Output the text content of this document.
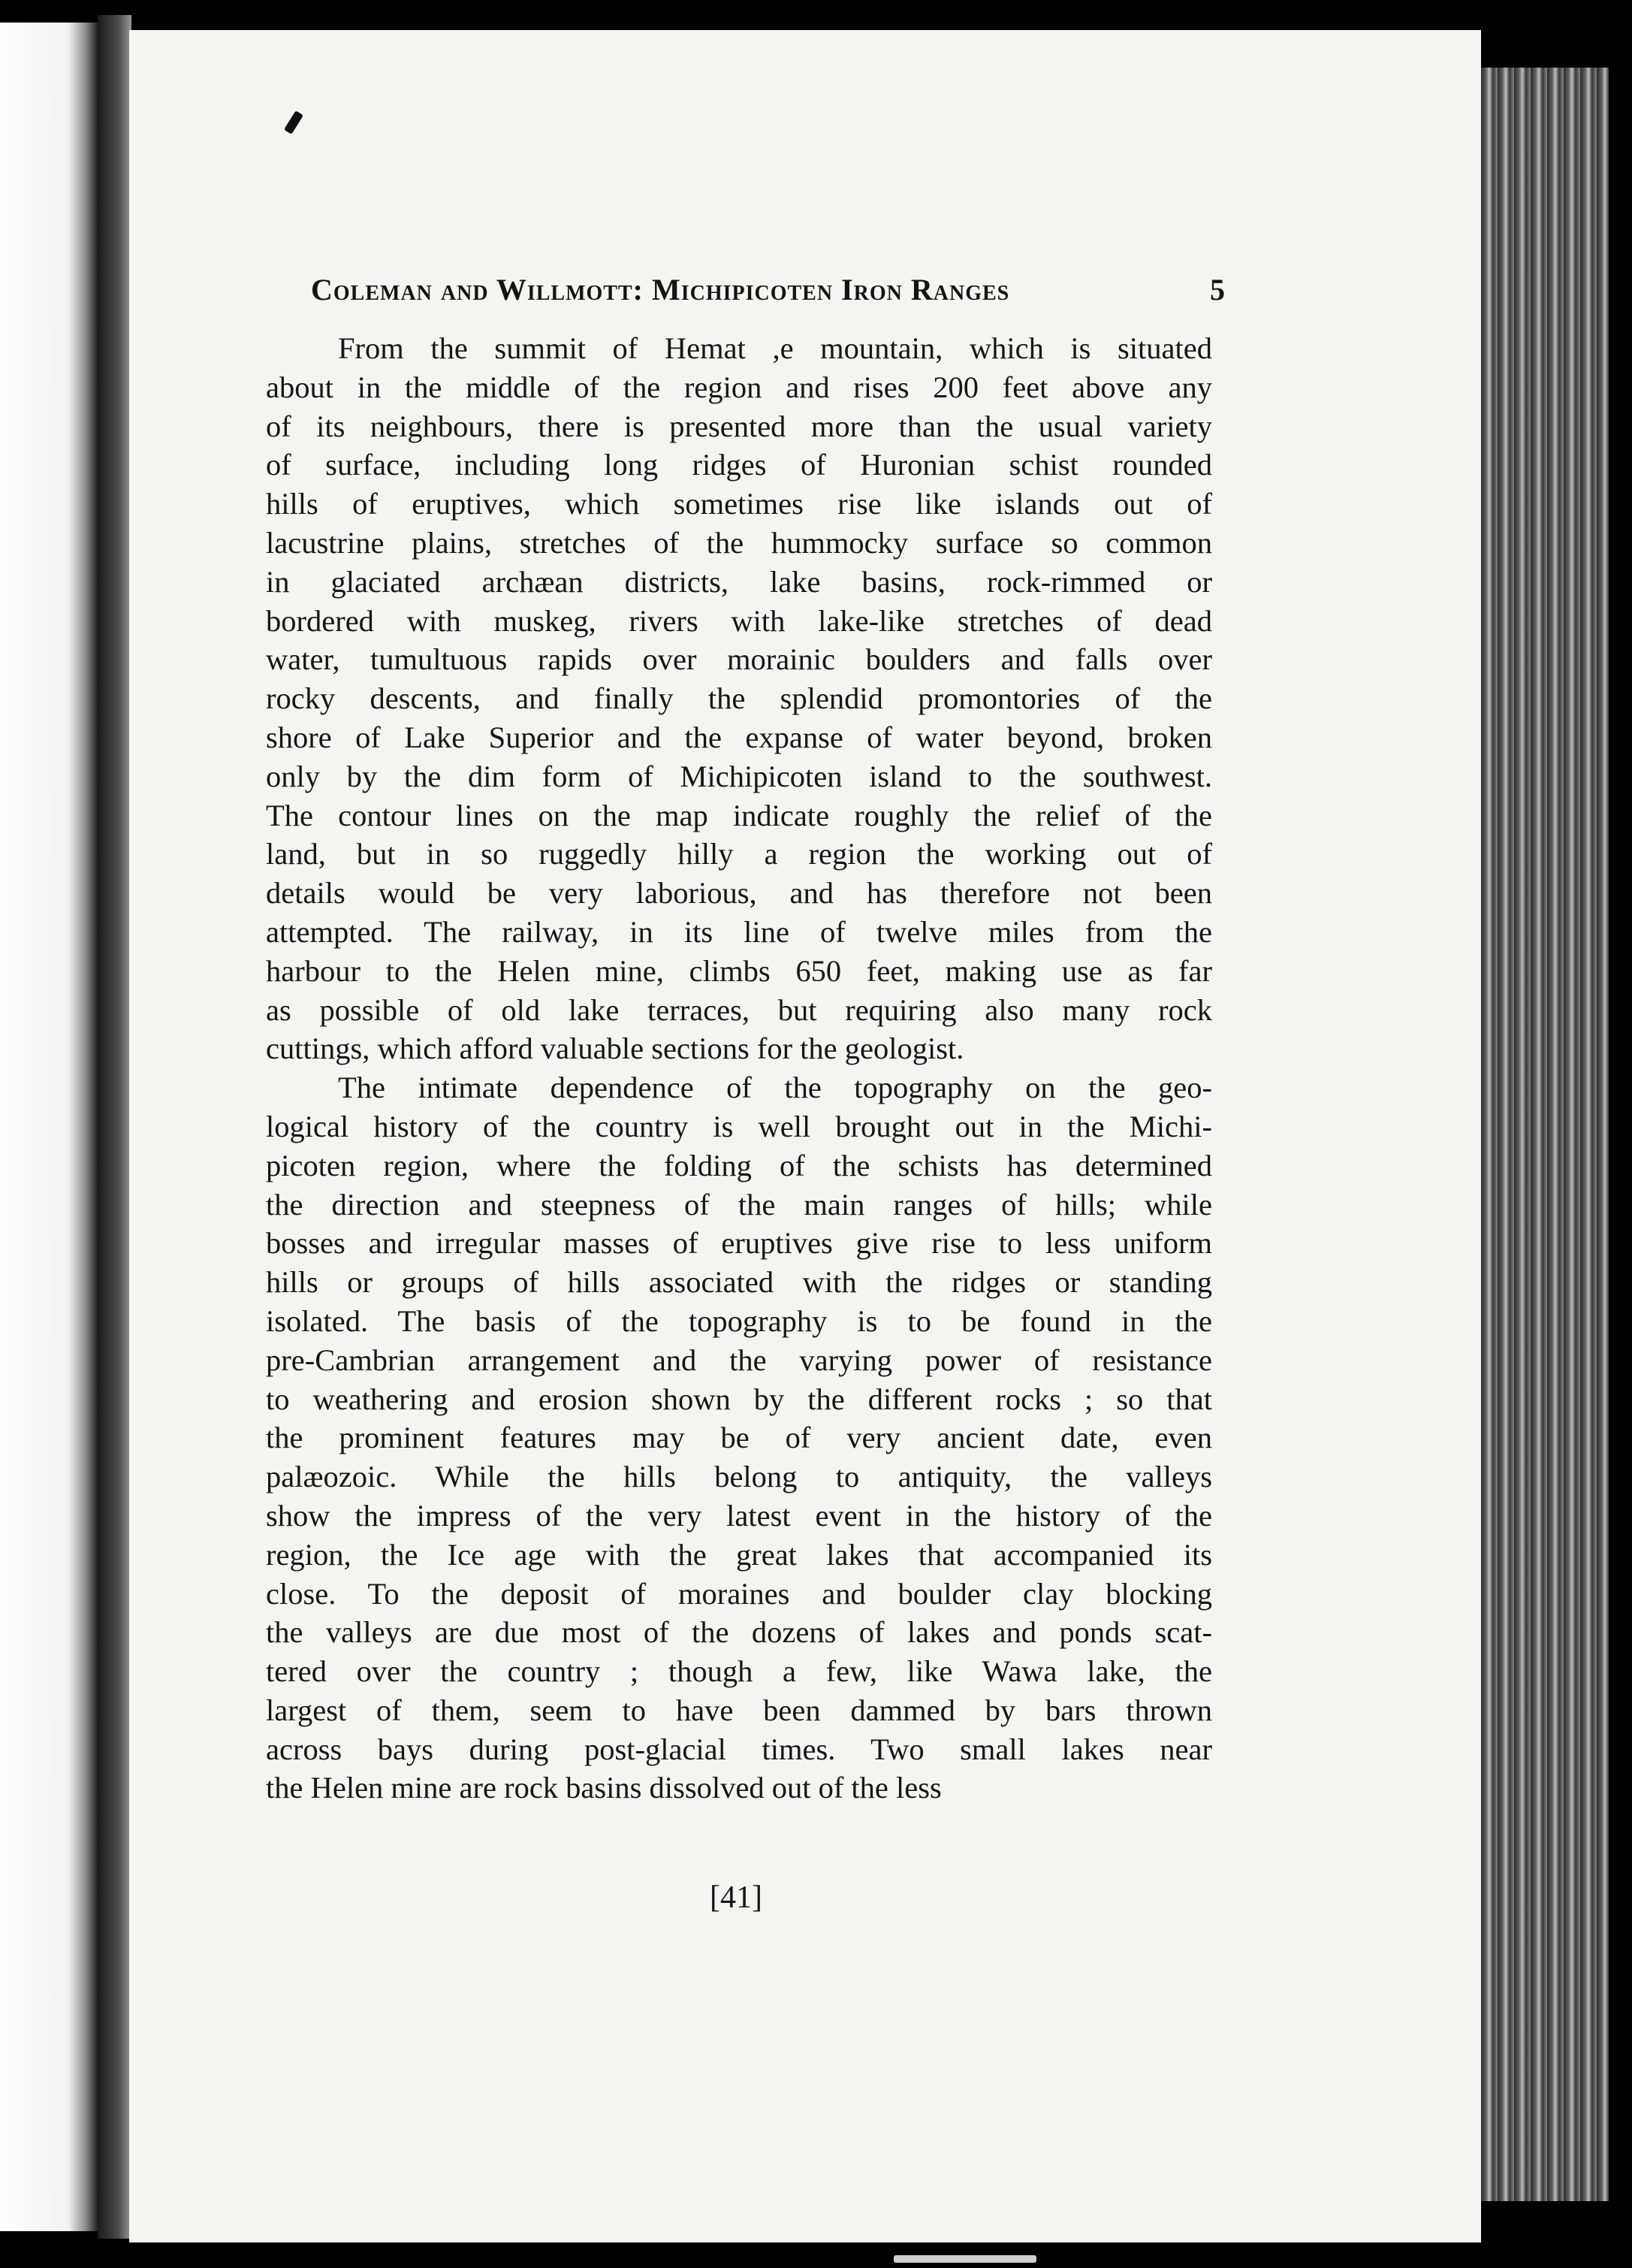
Coleman and Willmott: Michipicoten Iron Ranges	5
From the summit of Hemat ,e mountain, which is situated
about in the middle of the region and rises 200 feet above any
of its neighbours, there is presented more than the usual variety
of surface, including long ridges of Huronian schist rounded
hills of eruptives, which sometimes rise like islands out of
lacustrine plains, stretches of the hummocky surface so common
in glaciated archæan districts, lake basins, rock-rimmed or
bordered with muskeg, rivers with lake-like stretches of dead
water, tumultuous rapids over morainic boulders and falls over
rocky descents, and finally the splendid promontories of the
shore of Lake Superior and the expanse of water beyond, broken
only by the dim form of Michipicoten island to the southwest.
The contour lines on the map indicate roughly the relief of the
land, but in so ruggedly hilly a region the working out of
details would be very laborious, and has therefore not been
attempted. The railway, in its line of twelve miles from the
harbour to the Helen mine, climbs 650 feet, making use as far
as possible of old lake terraces, but requiring also many rock
cuttings, which afford valuable sections for the geologist.
The intimate dependence of the topography on the geo-
logical history of the country is well brought out in the Michi-
picoten region, where the folding of the schists has determined
the direction and steepness of the main ranges of hills; while
bosses and irregular masses of eruptives give rise to less uniform
hills or groups of hills associated with the ridges or standing
isolated. The basis of the topography is to be found in the
pre-Cambrian arrangement and the varying power of resistance
to weathering and erosion shown by the different rocks ; so that
the prominent features may be of very ancient date, even
palæozoic. While the hills belong to antiquity, the valleys
show the impress of the very latest event in the history of the
region, the Ice age with the great lakes that accompanied its
close. To the deposit of moraines and boulder clay blocking
the valleys are due most of the dozens of lakes and ponds scat-
tered over the country ; though a few, like Wawa lake, the
largest of them, seem to have been dammed by bars thrown
across bays during post-glacial times. Two small lakes near
the Helen mine are rock basins dissolved out of the less
[41]
